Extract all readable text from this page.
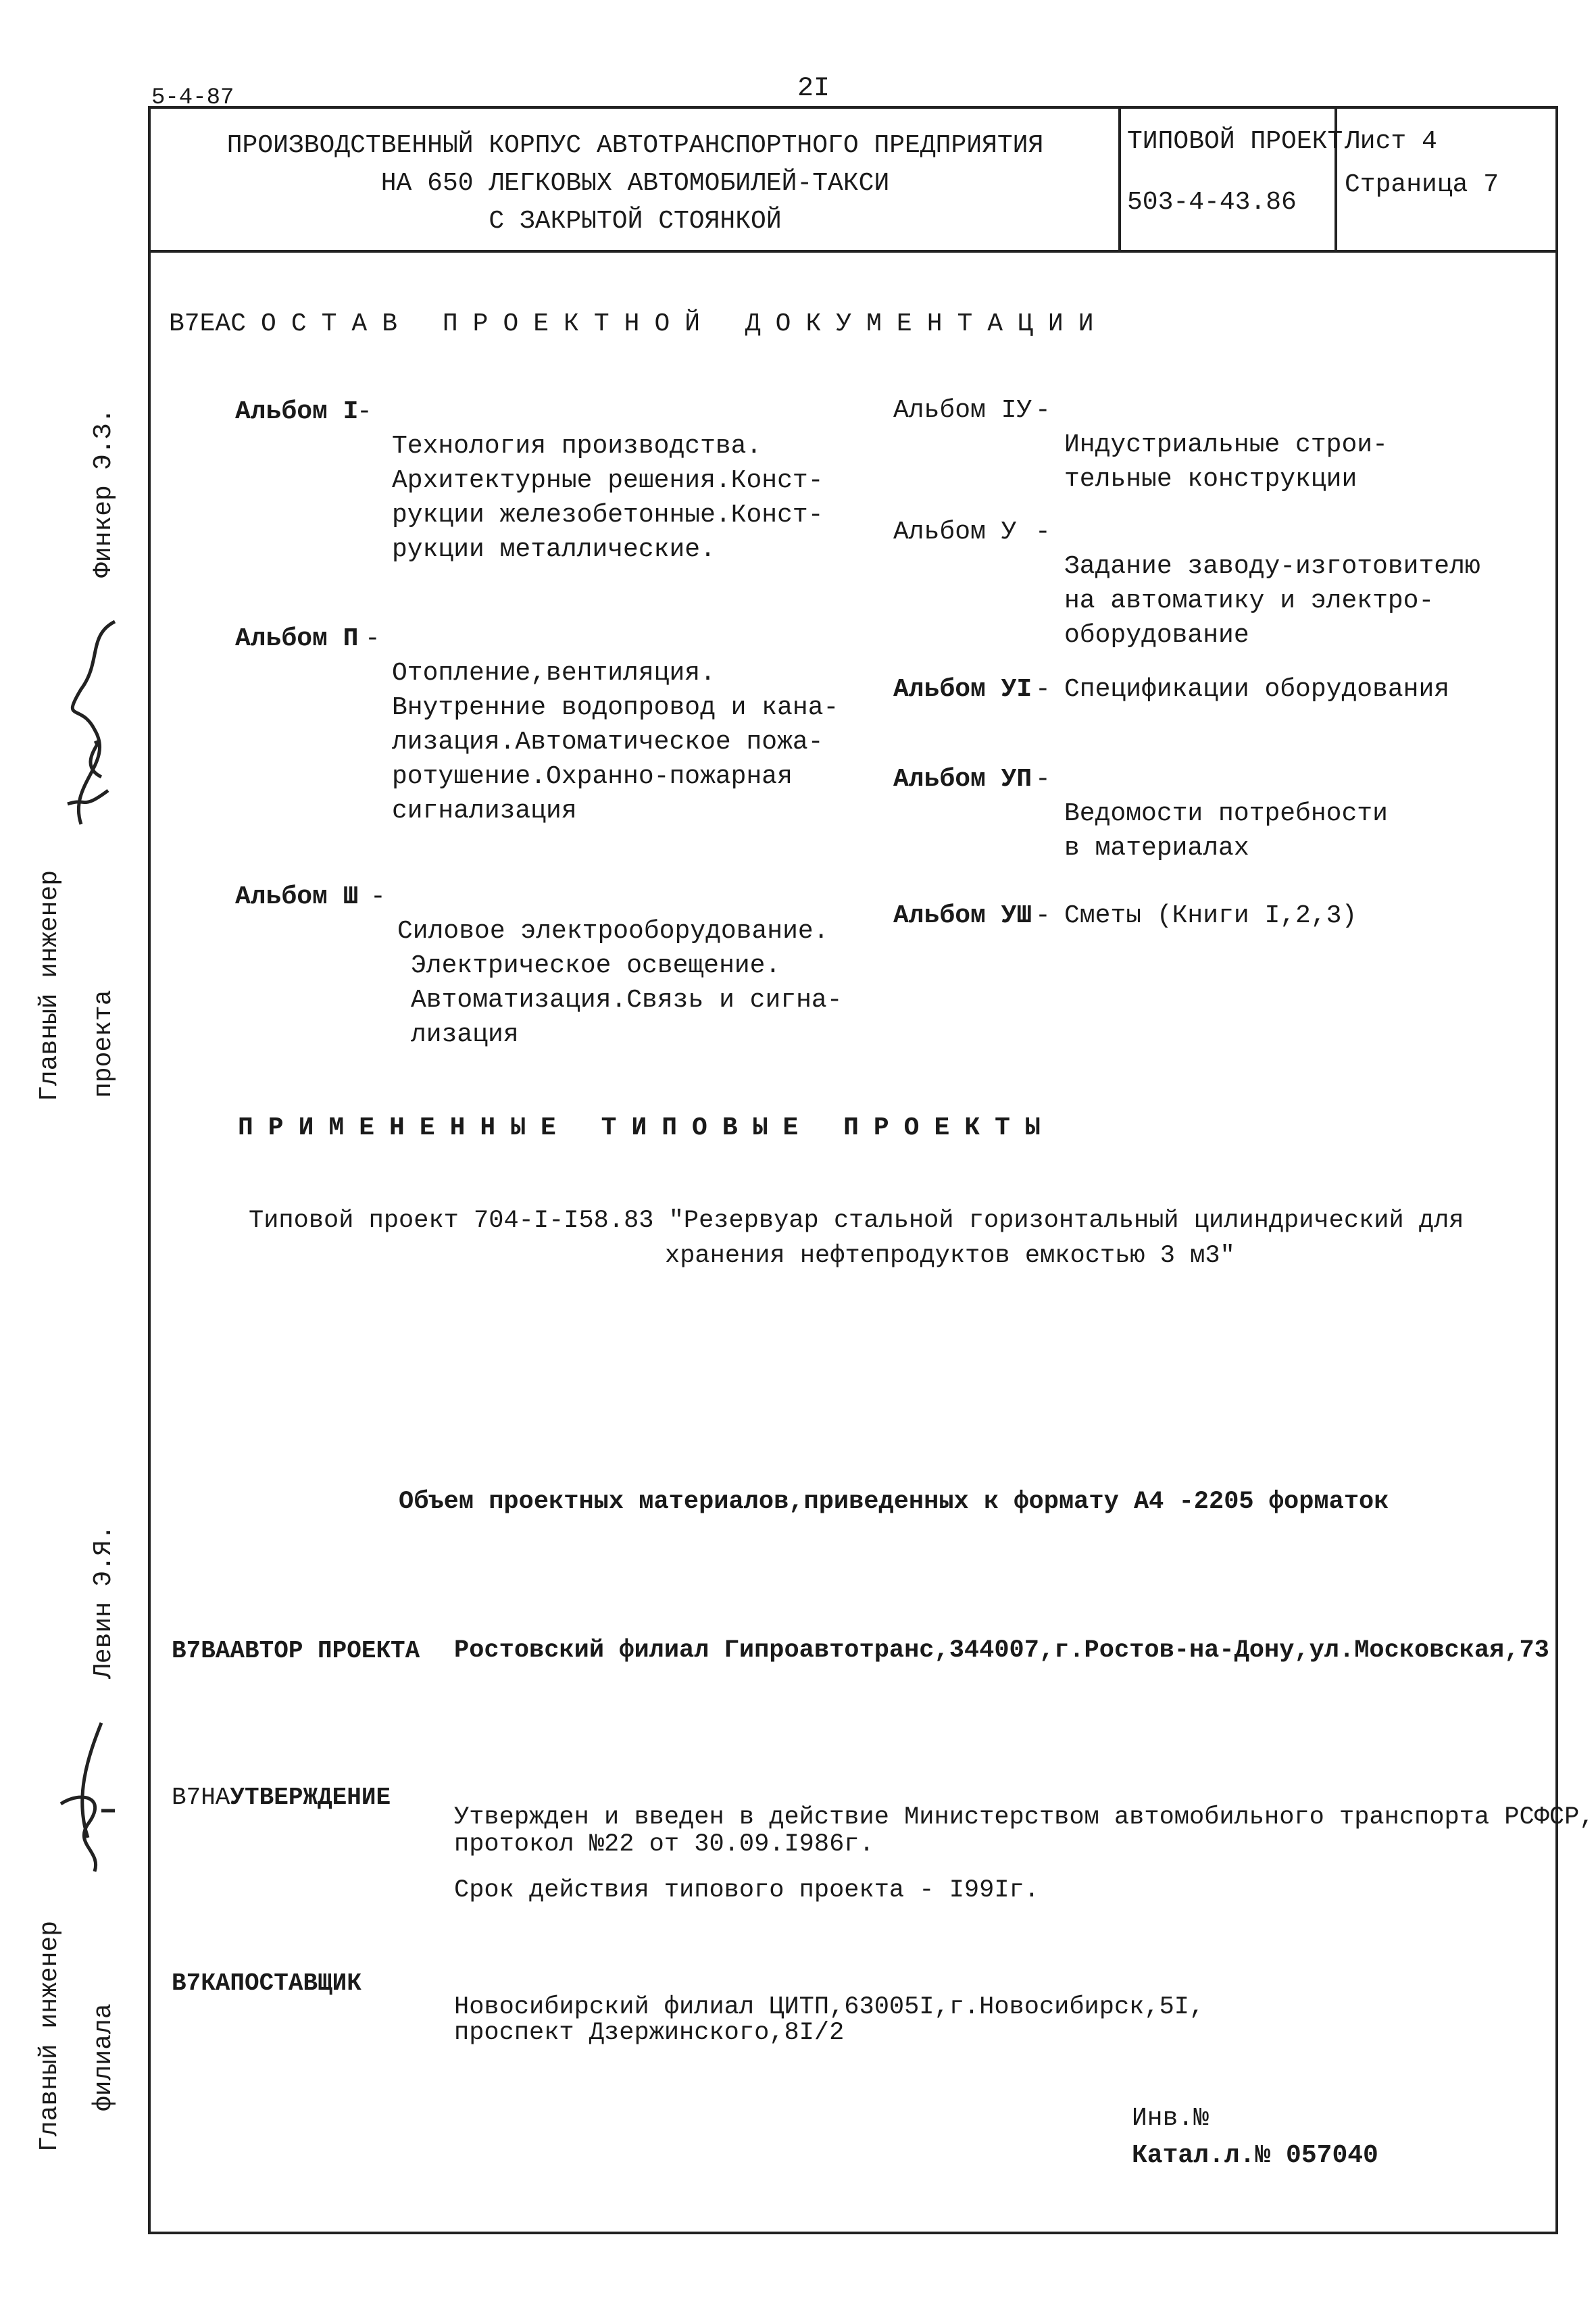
5-4-87	2I
ПРОИЗВОДСТВЕННЫЙ КОРПУС АВТОТРАНСПОРТНОГО ПРЕДПРИЯТИЯ
НА 650 ЛЕГКОВЫХ АВТОМОБИЛЕЙ-ТАКСИ
С ЗАКРЫТОЙ СТОЯНКОЙ
ТИПОВОЙ ПРОЕКТ
503-4-43.86
Лист 4
Страница 7
В7ЕАСОСТАВ ПРОЕКТНОЙ ДОКУМЕНТАЦИИ
Альбом I
-

Технология производства.
Архитектурные решения.Конст-
рукции железобетонные.Конст-
рукции металлические.
Альбом П -

Отопление,вентиляция.
Внутренние водопровод и кана-
лизация.Автоматическое пожа-
ротушение.Охранно-пожарная
сигнализация
Альбом Ш -

Силовое электрооборудование.
Электрическое освещение.
Автоматизация.Связь и сигна-
лизация
Альбом IУ -

Индустриальные строи-
тельные конструкции
Альбом У -

Задание заводу-изготовителю
на автоматику и электро-
оборудование
Альбом УI - Спецификации оборудования
Альбом УП -

Ведомости потребности
в материалах
Альбом УШ - Сметы (Книги I,2,3)
ПРИМЕНЕННЫЕ ТИПОВЫЕ ПРОЕКТЫ
Типовой проект 704-I-I58.83 "Резервуар стальной горизонтальный цилиндрический для
хранения нефтепродуктов емкостью 3 м3"
Объем проектных материалов,приведенных к формату А4 -2205 форматок
В7ВААВТОР ПРОЕКТА Ростовский филиал Гипроавтотранс,344007,г.Ростов-на-Дону,ул.Московская,73
В7НАУТВЕРЖДЕНИЕ

Утвержден и введен в действие Министерством автомобильного транспорта РСФСР,
протокол №22 от 30.09.I986г.
Срок действия типового проекта - I99Iг.
В7КАПОСТАВЩИК

Новосибирский филиал ЦИТП,63005I,г.Новосибирск,5I,
проспект Дзержинского,8I/2
Инв.№
Катал.л.№ 057040
Главный инженер проекта
Финкер Э.З.
Левин Э.Я.
Главный инженер филиала
